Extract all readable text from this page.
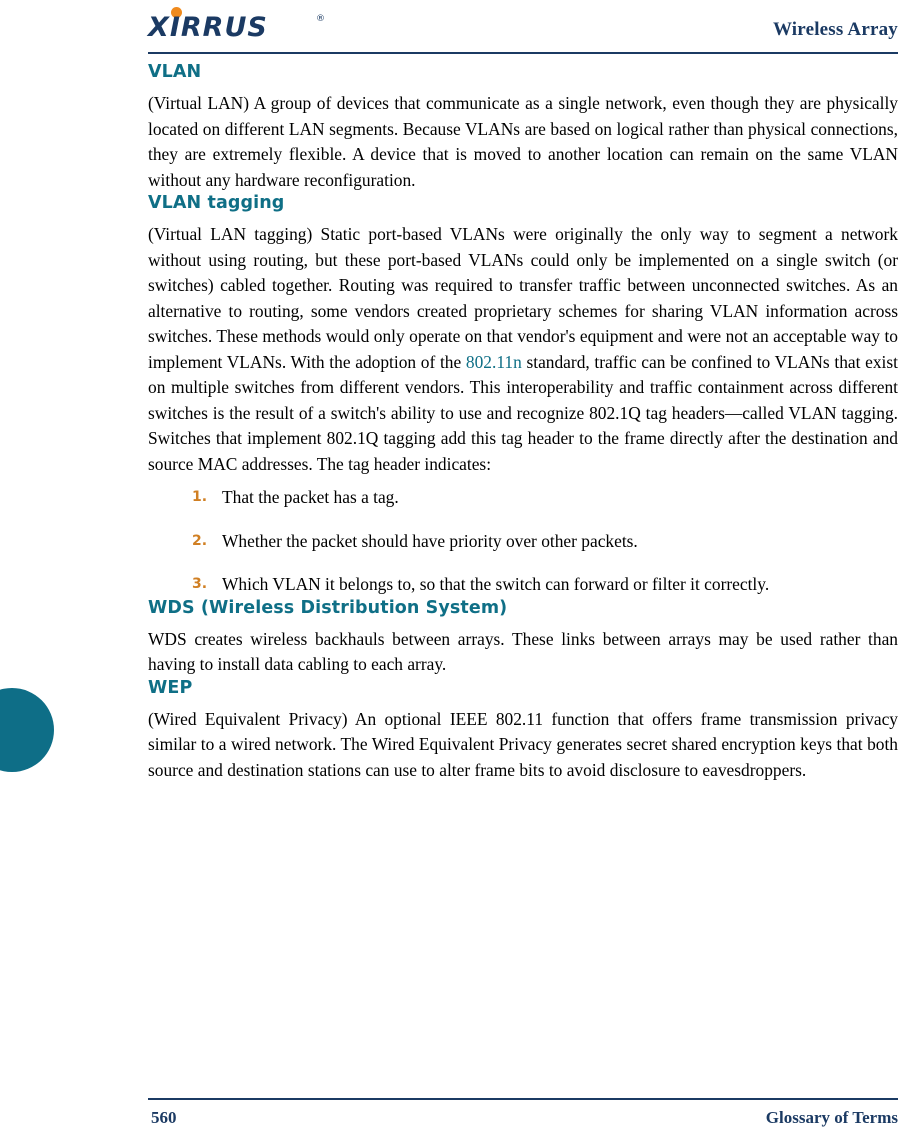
XIRRUS	®	Wireless Array
VLAN

(Virtual LAN) A group of devices that communicate as a single network, even though they are physically located on different LAN segments. Because VLANs are based on logical rather than physical connections, they are extremely flexible. A device that is moved to another location can remain on the same VLAN without any hardware reconfiguration.

VLAN tagging

(Virtual LAN tagging) Static port-based VLANs were originally the only way to segment a network without using routing, but these port-based VLANs could only be implemented on a single switch (or switches) cabled together. Routing was required to transfer traffic between unconnected switches. As an alternative to routing, some vendors created proprietary schemes for sharing VLAN information across switches. These methods would only operate on that vendor's equipment and were not an acceptable way to implement VLANs. With the adoption of the 802.11n standard, traffic can be confined to VLANs that exist on multiple switches from different vendors. This interoperability and traffic containment across different switches is the result of a switch's ability to use and recognize 802.1Q tag headers—called VLAN tagging. Switches that implement 802.1Q tagging add this tag header to the frame directly after the destination and source MAC addresses. The tag header indicates:

1. That the packet has a tag.
2. Whether the packet should have priority over other packets.
3. Which VLAN it belongs to, so that the switch can forward or filter it correctly.
WDS (Wireless Distribution System)

WDS creates wireless backhauls between arrays. These links between arrays may be used rather than having to install data cabling to each array.

WEP

(Wired Equivalent Privacy) An optional IEEE 802.11 function that offers frame transmission privacy similar to a wired network. The Wired Equivalent Privacy generates secret shared encryption keys that both source and destination stations can use to alter frame bits to avoid disclosure to eavesdroppers.

560	Glossary of Terms
